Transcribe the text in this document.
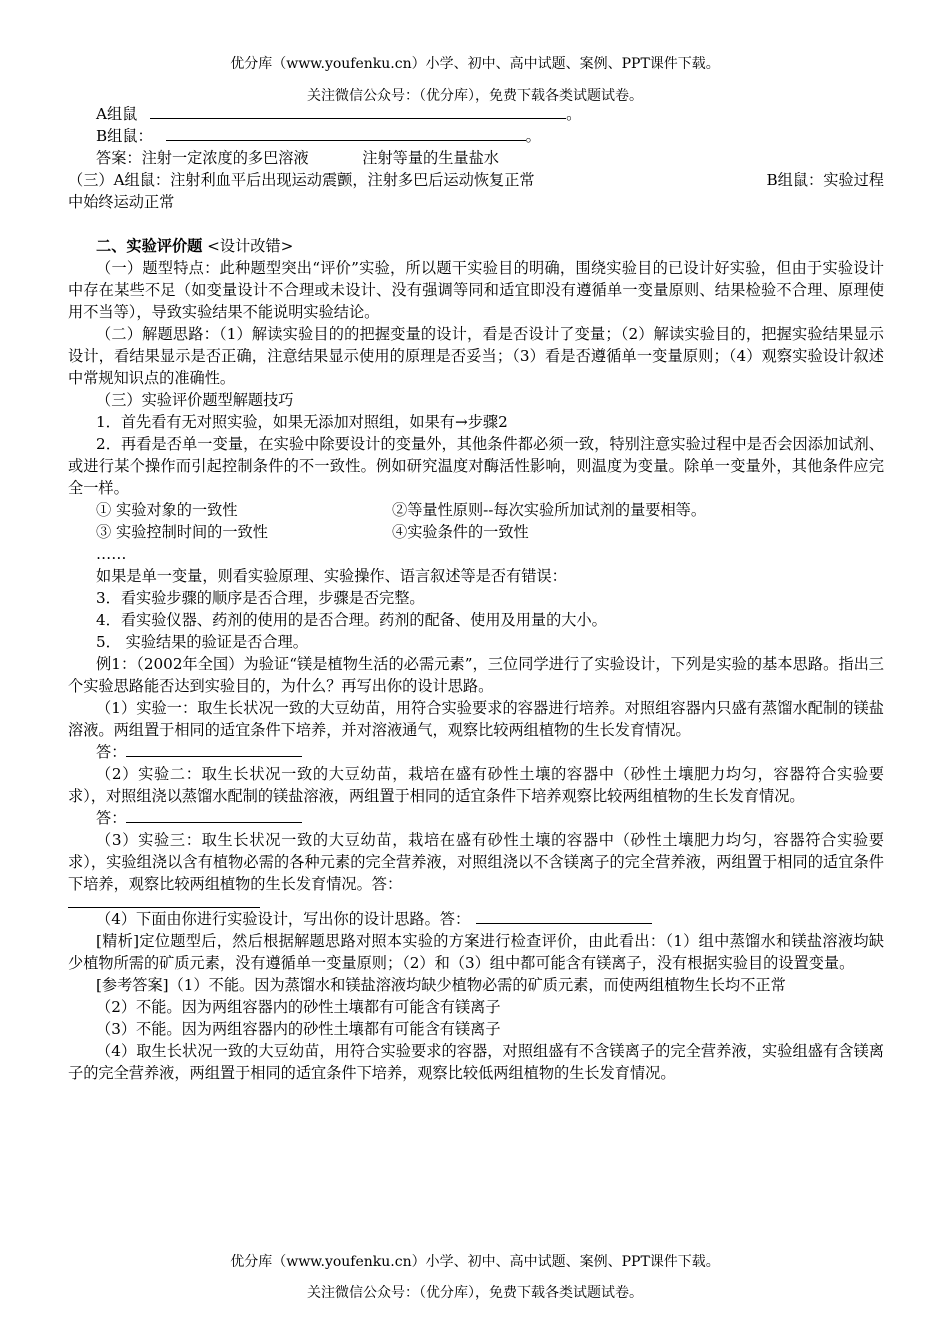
优分库（www.youfenku.cn）小学、初中、高中试题、案例、PPT课件下载。
关注微信公众号：（优分库），免费下载各类试题试卷。

A组鼠	。

B组鼠：	。

答案：注射一定浓度的多巴溶液	注射等量的生量盐水

B组鼠：实验过程
（三）A组鼠：注射利血平后出现运动震颤，注射多巴后运动恢复正常

中始终运动正常

二、实验评价题 <设计改错>

（一）题型特点：此种题型突出“评价”实验，所以题干实验目的明确，围绕实验目的已设计好实验，但由于实验设计中存在某些不足（如变量设计不合理或未设计、没有强调等同和适宜即没有遵循单一变量原则、结果检验不合理、原理使用不当等），导致实验结果不能说明实验结论。

（二）解题思路：（1）解读实验目的的把握变量的设计，看是否设计了变量；（2）解读实验目的，把握实验结果显示设计，看结果显示是否正确，注意结果显示使用的原理是否妥当；（3）看是否遵循单一变量原则；（4）观察实验设计叙述中常规知识点的准确性。

（三）实验评价题型解题技巧

1．首先看有无对照实验，如果无添加对照组，如果有→步骤2

2．再看是否单一变量，在实验中除要设计的变量外，其他条件都必须一致，特别注意实验过程中是否会因添加试剂、或进行某个操作而引起控制条件的不一致性。例如研究温度对酶活性影响，则温度为变量。除单一变量外，其他条件应完全一样。

① 实验对象的一致性	②等量性原则--每次实验所加试剂的量要相等。
③ 实验控制时间的一致性	④实验条件的一致性

……

如果是单一变量，则看实验原理、实验操作、语言叙述等是否有错误：

3．看实验步骤的顺序是否合理，步骤是否完整。

4．看实验仪器、药剂的使用的是否合理。药剂的配备、使用及用量的大小。

5． 实验结果的验证是否合理。

例1：（2002年全国）为验证“镁是植物生活的必需元素”，三位同学进行了实验设计，下列是实验的基本思路。指出三个实验思路能否达到实验目的，为什么？再写出你的设计思路。

（1）实验一：取生长状况一致的大豆幼苗，用符合实验要求的容器进行培养。对照组容器内只盛有蒸馏水配制的镁盐溶液。两组置于相同的适宜条件下培养，并对溶液通气，观察比较两组植物的生长发育情况。

答：

（2）实验二：取生长状况一致的大豆幼苗，栽培在盛有砂性土壤的容器中（砂性土壤肥力均匀，容器符合实验要求），对照组浇以蒸馏水配制的镁盐溶液，两组置于相同的适宜条件下培养观察比较两组植物的生长发育情况。

答：

（3）实验三：取生长状况一致的大豆幼苗，栽培在盛有砂性土壤的容器中（砂性土壤肥力均匀，容器符合实验要求），实验组浇以含有植物必需的各种元素的完全营养液，对照组浇以不含镁离子的完全营养液，两组置于相同的适宜条件下培养，观察比较两组植物的生长发育情况。答：

（4）下面由你进行实验设计，写出你的设计思路。答：

[精析]定位题型后，然后根据解题思路对照本实验的方案进行检查评价，由此看出：（1）组中蒸馏水和镁盐溶液均缺少植物所需的矿质元素，没有遵循单一变量原则；（2）和（3）组中都可能含有镁离子，没有根据实验目的设置变量。

[参考答案]（1）不能。因为蒸馏水和镁盐溶液均缺少植物必需的矿质元素，而使两组植物生长均不正常

（2）不能。因为两组容器内的砂性土壤都有可能含有镁离子

（3）不能。因为两组容器内的砂性土壤都有可能含有镁离子

（4）取生长状况一致的大豆幼苗，用符合实验要求的容器，对照组盛有不含镁离子的完全营养液，实验组盛有含镁离子的完全营养液，两组置于相同的适宜条件下培养，观察比较低两组植物的生长发育情况。

优分库（www.youfenku.cn）小学、初中、高中试题、案例、PPT课件下载。
关注微信公众号：（优分库），免费下载各类试题试卷。
